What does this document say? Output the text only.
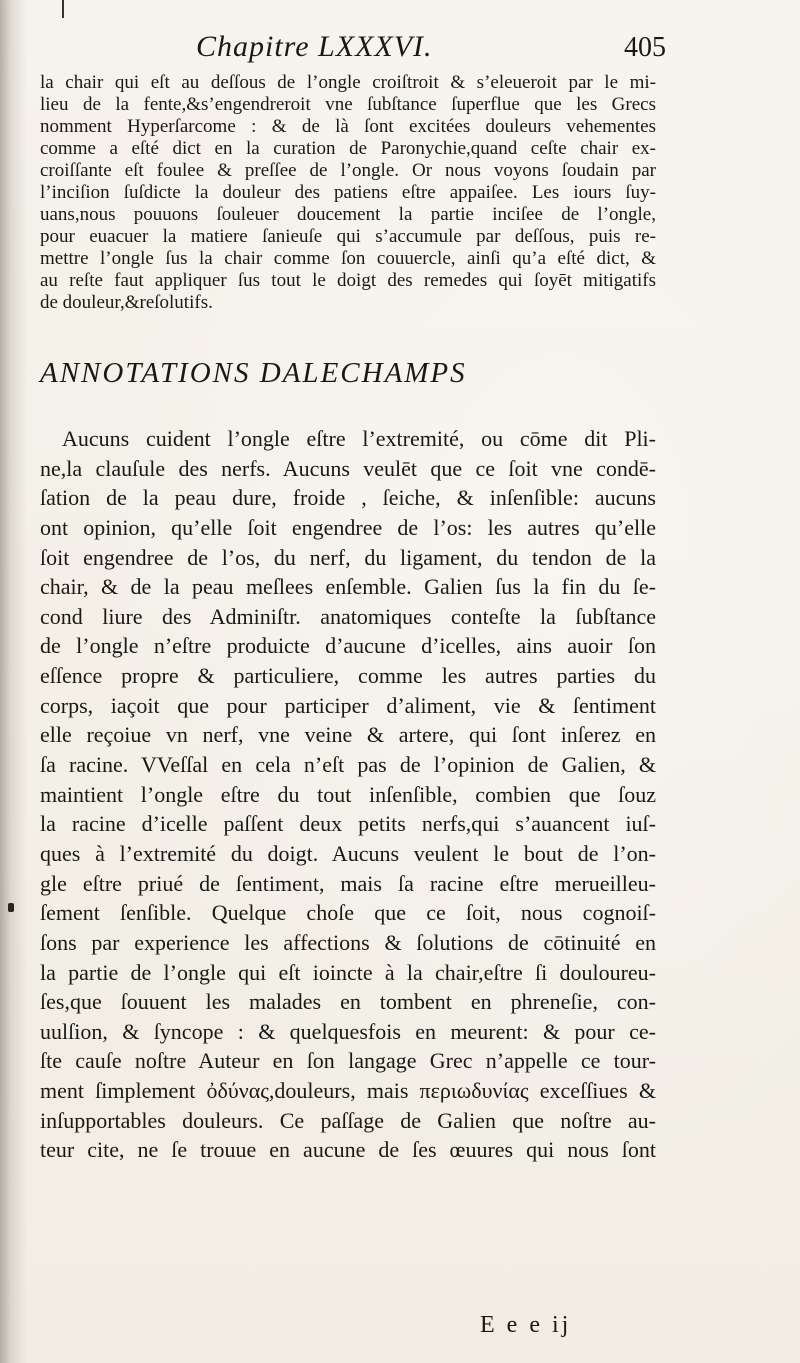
Chapitre LXXXVI.	405
la chair qui eſt au deſſous de l’ongle croiſtroit & s’eleueroit par le mi-
lieu de la fente,&s’engendreroit vne ſubſtance ſuperflue que les Grecs
nomment Hyperſarcome : & de là ſont excitées douleurs vehementes
comme a eſté dict en la curation de Paronychie,quand ceſte chair ex-
croiſſante eſt foulee & preſſee de l’ongle. Or nous voyons ſoudain par
l’inciſion ſuſdicte la douleur des patiens eſtre appaiſee. Les iours ſuy-
uans,nous pouuons ſouleuer doucement la partie inciſee de l’ongle,
pour euacuer la matiere ſanieuſe qui s’accumule par deſſous, puis re-
mettre l’ongle ſus la chair comme ſon couuercle, ainſi qu’a eſté dict, &
au reſte faut appliquer ſus tout le doigt des remedes qui ſoyēt mitigatifs
de douleur,&reſolutifs.
ANNOTATIONS DALECHAMPS
Aucuns cuident l’ongle eſtre l’extremité, ou cōme dit Pli-
ne,la clauſule des nerfs. Aucuns veulēt que ce ſoit vne condē-
ſation de la peau dure, froide , ſeiche, & inſenſible: aucuns
ont opinion, qu’elle ſoit engendree de l’os: les autres qu’elle
ſoit engendree de l’os, du nerf, du ligament, du tendon de la
chair, & de la peau meſlees enſemble. Galien ſus la fin du ſe-
cond liure des Adminiſtr. anatomiques conteſte la ſubſtance
de l’ongle n’eſtre produicte d’aucune d’icelles, ains auoir ſon
eſſence propre & particuliere, comme les autres parties du
corps, iaçoit que pour participer d’aliment, vie & ſentiment
elle reçoiue vn nerf, vne veine & artere, qui ſont inſerez en
ſa racine. VVeſſal en cela n’eſt pas de l’opinion de Galien, &
maintient l’ongle eſtre du tout inſenſible, combien que ſouz
la racine d’icelle paſſent deux petits nerfs,qui s’auancent iuſ-
ques à l’extremité du doigt. Aucuns veulent le bout de l’on-
gle eſtre priué de ſentiment, mais ſa racine eſtre merueilleu-
ſement ſenſible. Quelque choſe que ce ſoit, nous cognoiſ-
ſons par experience les affections & ſolutions de cōtinuité en
la partie de l’ongle qui eſt ioincte à la chair,eſtre ſi douloureu-
ſes,que ſouuent les malades en tombent en phreneſie, con-
uulſion, & ſyncope : & quelquesfois en meurent: & pour ce-
ſte cauſe noſtre Auteur en ſon langage Grec n’appelle ce tour-
ment ſimplement ὀδύνας,douleurs, mais περιωδυνίας exceſſiues &
inſupportables douleurs. Ce paſſage de Galien que noſtre au-
teur cite, ne ſe trouue en aucune de ſes œuures qui nous ſont
E e e ij
